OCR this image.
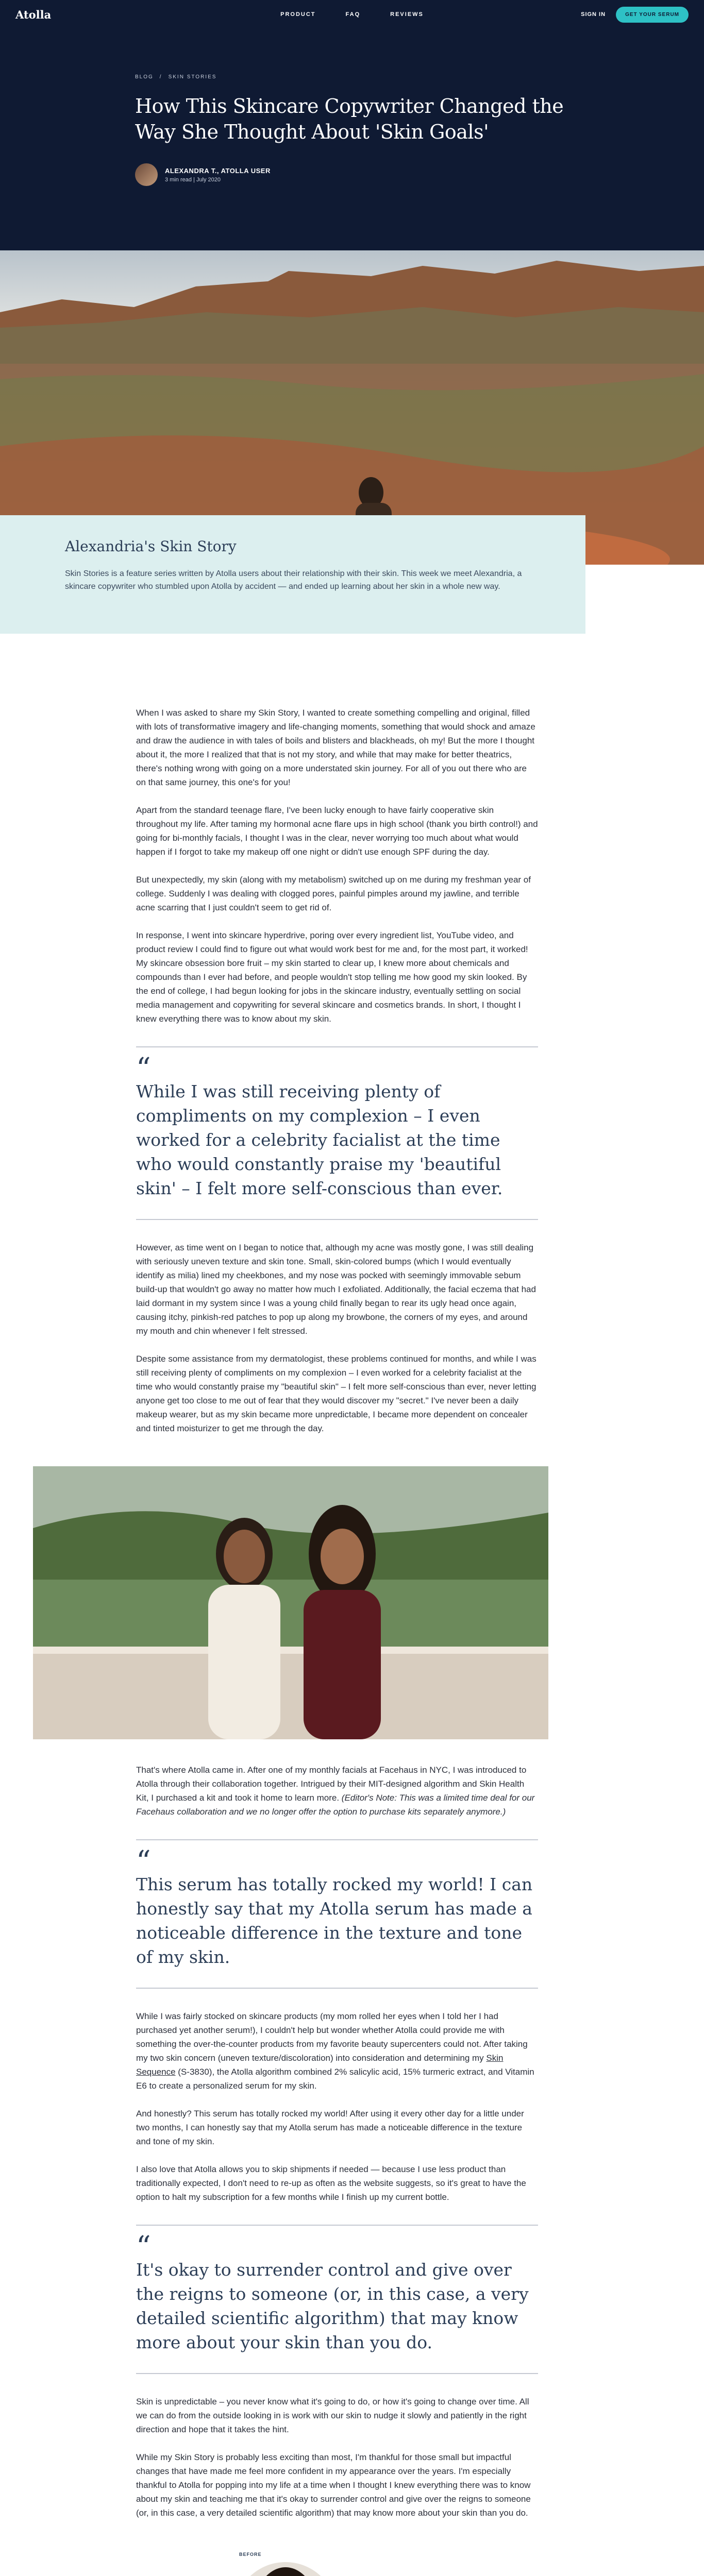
Atolla	PRODUCT	FAQ	REVIEWS	SIGN IN	GET YOUR SERUM
BLOG / SKIN STORIES
How This Skincare Copywriter Changed the Way She Thought About 'Skin Goals'
ALEXANDRA T., ATOLLA USER
3 min read | July 2020
Alexandria's Skin Story

Skin Stories is a feature series written by Atolla users about their relationship with their skin. This week we meet Alexandria, a skincare copywriter who stumbled upon Atolla by accident — and ended up learning about her skin in a whole new way.

When I was asked to share my Skin Story, I wanted to create something compelling and original, filled with lots of transformative imagery and life-changing moments, something that would shock and amaze and draw the audience in with tales of boils and blisters and blackheads, oh my! But the more I thought about it, the more I realized that that is not my story, and while that may make for better theatrics, there's nothing wrong with going on a more understated skin journey. For all of you out there who are on that same journey, this one's for you!

Apart from the standard teenage flare, I've been lucky enough to have fairly cooperative skin throughout my life. After taming my hormonal acne flare ups in high school (thank you birth control!) and going for bi-monthly facials, I thought I was in the clear, never worrying too much about what would happen if I forgot to take my makeup off one night or didn't use enough SPF during the day.

But unexpectedly, my skin (along with my metabolism) switched up on me during my freshman year of college. Suddenly I was dealing with clogged pores, painful pimples around my jawline, and terrible acne scarring that I just couldn't seem to get rid of.

In response, I went into skincare hyperdrive, poring over every ingredient list, YouTube video, and product review I could find to figure out what would work best for me and, for the most part, it worked! My skincare obsession bore fruit – my skin started to clear up, I knew more about chemicals and compounds than I ever had before, and people wouldn't stop telling me how good my skin looked. By the end of college, I had begun looking for jobs in the skincare industry, eventually settling on social media management and copywriting for several skincare and cosmetics brands. In short, I thought I knew everything there was to know about my skin.

“
While I was still receiving plenty of compliments on my complexion – I even worked for a celebrity facialist at the time who would constantly praise my 'beautiful skin' – I felt more self-conscious than ever.

However, as time went on I began to notice that, although my acne was mostly gone, I was still dealing with seriously uneven texture and skin tone. Small, skin-colored bumps (which I would eventually identify as milia) lined my cheekbones, and my nose was pocked with seemingly immovable sebum build-up that wouldn't go away no matter how much I exfoliated. Additionally, the facial eczema that had laid dormant in my system since I was a young child finally began to rear its ugly head once again, causing itchy, pinkish-red patches to pop up along my browbone, the corners of my eyes, and around my mouth and chin whenever I felt stressed.

Despite some assistance from my dermatologist, these problems continued for months, and while I was still receiving plenty of compliments on my complexion – I even worked for a celebrity facialist at the time who would constantly praise my "beautiful skin" – I felt more self-conscious than ever, never letting anyone get too close to me out of fear that they would discover my "secret." I've never been a daily makeup wearer, but as my skin became more unpredictable, I became more dependent on concealer and tinted moisturizer to get me through the day.

That's where Atolla came in. After one of my monthly facials at Facehaus in NYC, I was introduced to Atolla through their collaboration together. Intrigued by their MIT-designed algorithm and Skin Health Kit, I purchased a kit and took it home to learn more. (Editor's Note: This was a limited time deal for our Facehaus collaboration and we no longer offer the option to purchase kits separately anymore.)

“
This serum has totally rocked my world! I can honestly say that my Atolla serum has made a noticeable difference in the texture and tone of my skin.

While I was fairly stocked on skincare products (my mom rolled her eyes when I told her I had purchased yet another serum!), I couldn't help but wonder whether Atolla could provide me with something the over-the-counter products from my favorite beauty supercenters could not. After taking my two skin concern (uneven texture/discoloration) into consideration and determining my Skin Sequence (S-3830), the Atolla algorithm combined 2% salicylic acid, 15% turmeric extract, and Vitamin E6 to create a personalized serum for my skin.

And honestly? This serum has totally rocked my world! After using it every other day for a little under two months, I can honestly say that my Atolla serum has made a noticeable difference in the texture and tone of my skin.

I also love that Atolla allows you to skip shipments if needed — because I use less product than traditionally expected, I don't need to re-up as often as the website suggests, so it's great to have the option to halt my subscription for a few months while I finish up my current bottle.

“
It's okay to surrender control and give over the reigns to someone (or, in this case, a very detailed scientific algorithm) that may know more about your skin than you do.

Skin is unpredictable – you never know what it's going to do, or how it's going to change over time. All we can do from the outside looking in is work with our skin to nudge it slowly and patiently in the right direction and hope that it takes the hint.

While my Skin Story is probably less exciting than most, I'm thankful for those small but impactful changes that have made me feel more confident in my appearance over the years. I'm especially thankful to Atolla for popping into my life at a time when I thought I knew everything there was to know about my skin and teaching me that it's okay to surrender control and give over the reigns to someone (or, in this case, a very detailed scientific algorithm) that may know more about your skin than you do.

BEFORE
